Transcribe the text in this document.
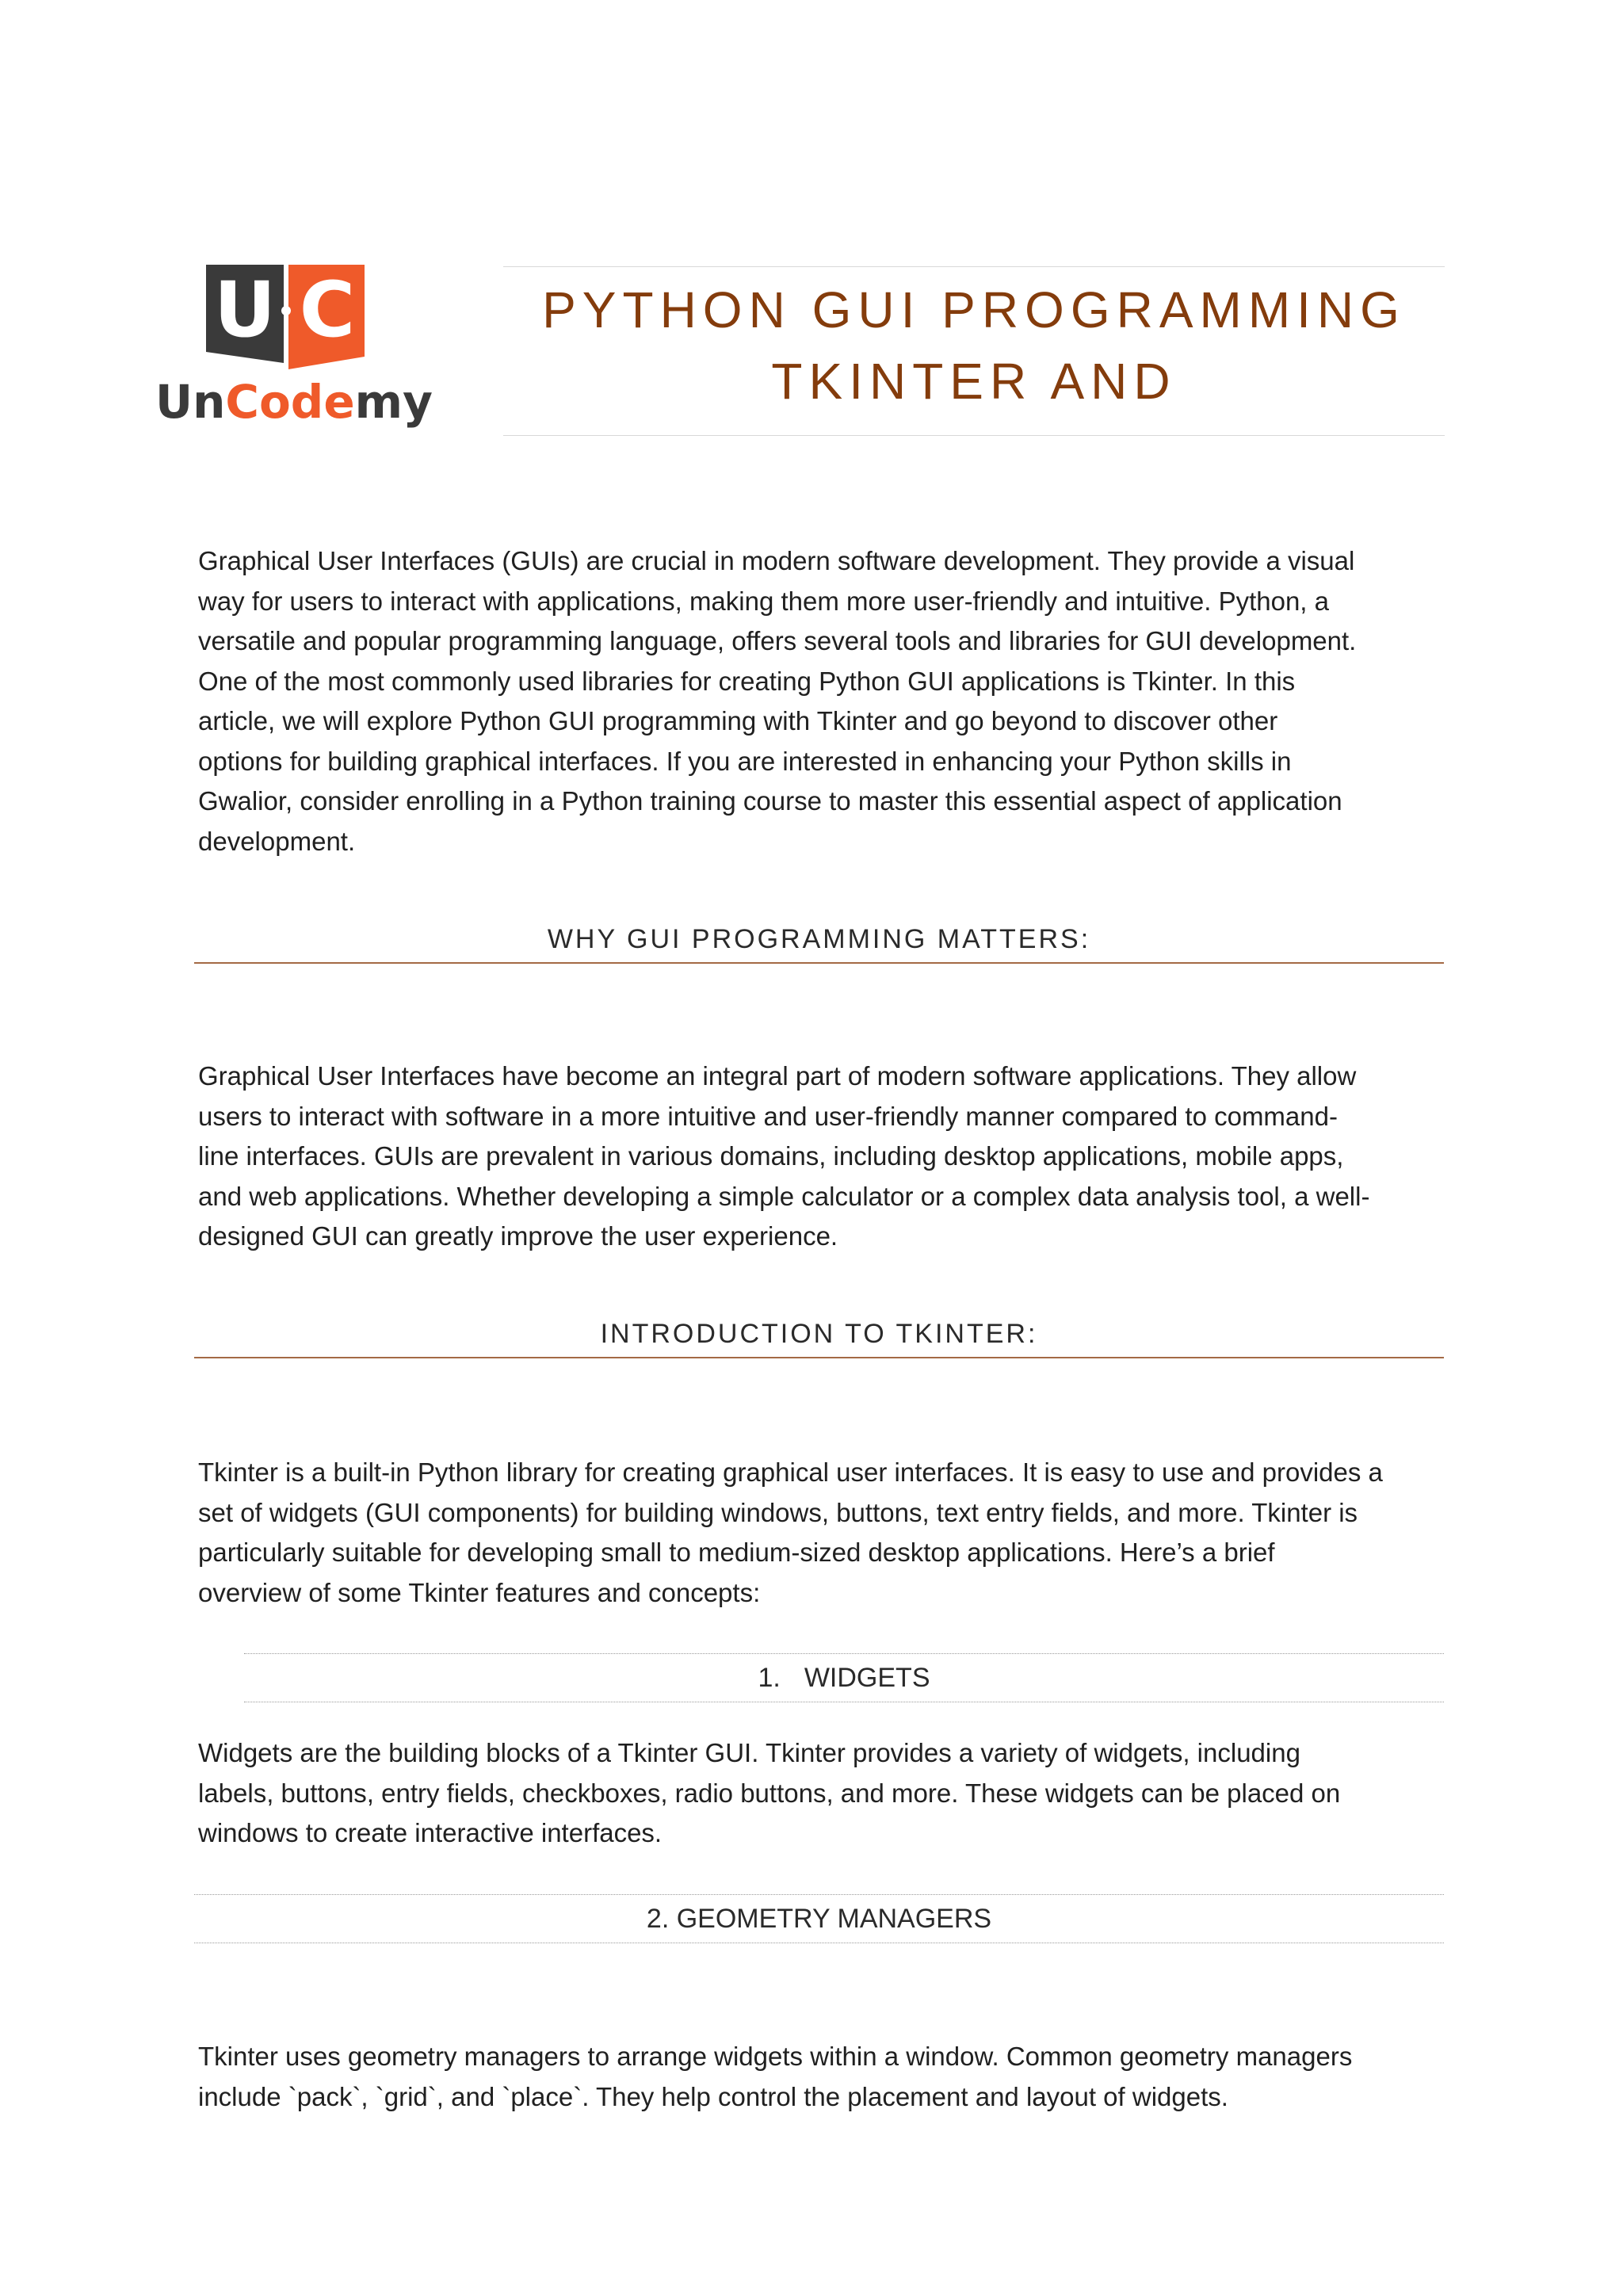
U C
UnCodemy
PYTHON GUI PROGRAMMING
TKINTER AND
Graphical User Interfaces (GUIs) are crucial in modern software development. They provide a visual
way for users to interact with applications, making them more user-friendly and intuitive. Python, a
versatile and popular programming language, offers several tools and libraries for GUI development.
One of the most commonly used libraries for creating Python GUI applications is Tkinter. In this
article, we will explore Python GUI programming with Tkinter and go beyond to discover other
options for building graphical interfaces. If you are interested in enhancing your Python skills in
Gwalior, consider enrolling in a Python training course to master this essential aspect of application
development.
WHY GUI PROGRAMMING MATTERS:
Graphical User Interfaces have become an integral part of modern software applications. They allow
users to interact with software in a more intuitive and user-friendly manner compared to command-
line interfaces. GUIs are prevalent in various domains, including desktop applications, mobile apps,
and web applications. Whether developing a simple calculator or a complex data analysis tool, a well-
designed GUI can greatly improve the user experience.
INTRODUCTION TO TKINTER:
Tkinter is a built-in Python library for creating graphical user interfaces. It is easy to use and provides a
set of widgets (GUI components) for building windows, buttons, text entry fields, and more. Tkinter is
particularly suitable for developing small to medium-sized desktop applications. Here’s a brief
overview of some Tkinter features and concepts:
1. WIDGETS
Widgets are the building blocks of a Tkinter GUI. Tkinter provides a variety of widgets, including
labels, buttons, entry fields, checkboxes, radio buttons, and more. These widgets can be placed on
windows to create interactive interfaces.
2. GEOMETRY MANAGERS
Tkinter uses geometry managers to arrange widgets within a window. Common geometry managers
include `pack`, `grid`, and `place`. They help control the placement and layout of widgets.
